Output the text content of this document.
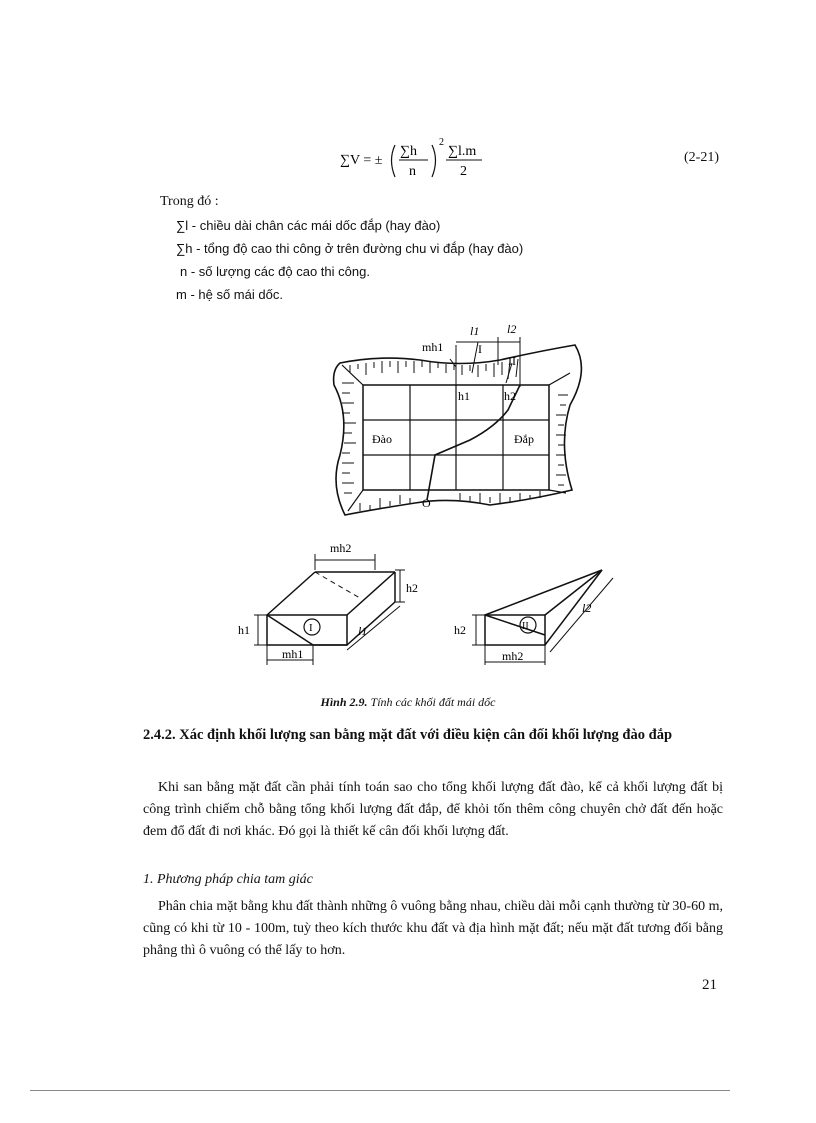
∑V = ±
∑h
n
2
∑l.m
2
(2-21)
Trong đó :
∑l - chiều dài chân các mái dốc đắp (hay đào)
∑h - tổng độ cao thi công ở trên đường chu vi đắp (hay đào)
n - số lượng các độ cao thi công.
m - hệ số mái dốc.
l1 l2
mh1	I
II
h1	h2
Đào	Đắp
O
I
mh2
h2
h1	l1
mh1
II
h2
l2
mh2
Hình 2.9. Tính các khối đất mái dốc
2.4.2. Xác định khối lượng san bằng mặt đất với điều kiện cân đối khối lượng đào đắp
Khi san bằng mặt đất cần phải tính toán sao cho tổng khối lượng đất đào, kể cả khối lượng đất bị công trình chiếm chỗ bằng tổng khối lượng đất đắp, để khỏi tốn thêm công chuyên chở đất đến hoặc đem đổ đất đi nơi khác. Đó gọi là thiết kế cân đối khối lượng đất.
1. Phương pháp chia tam giác
Phân chia mặt bằng khu đất thành những ô vuông bằng nhau, chiều dài mỗi cạnh thường từ 30-60 m, cũng có khi từ 10 - 100m, tuỳ theo kích thước khu đất và địa hình mặt đất; nếu mặt đất tương đối bằng phẳng thì ô vuông có thể lấy to hơn.
21
